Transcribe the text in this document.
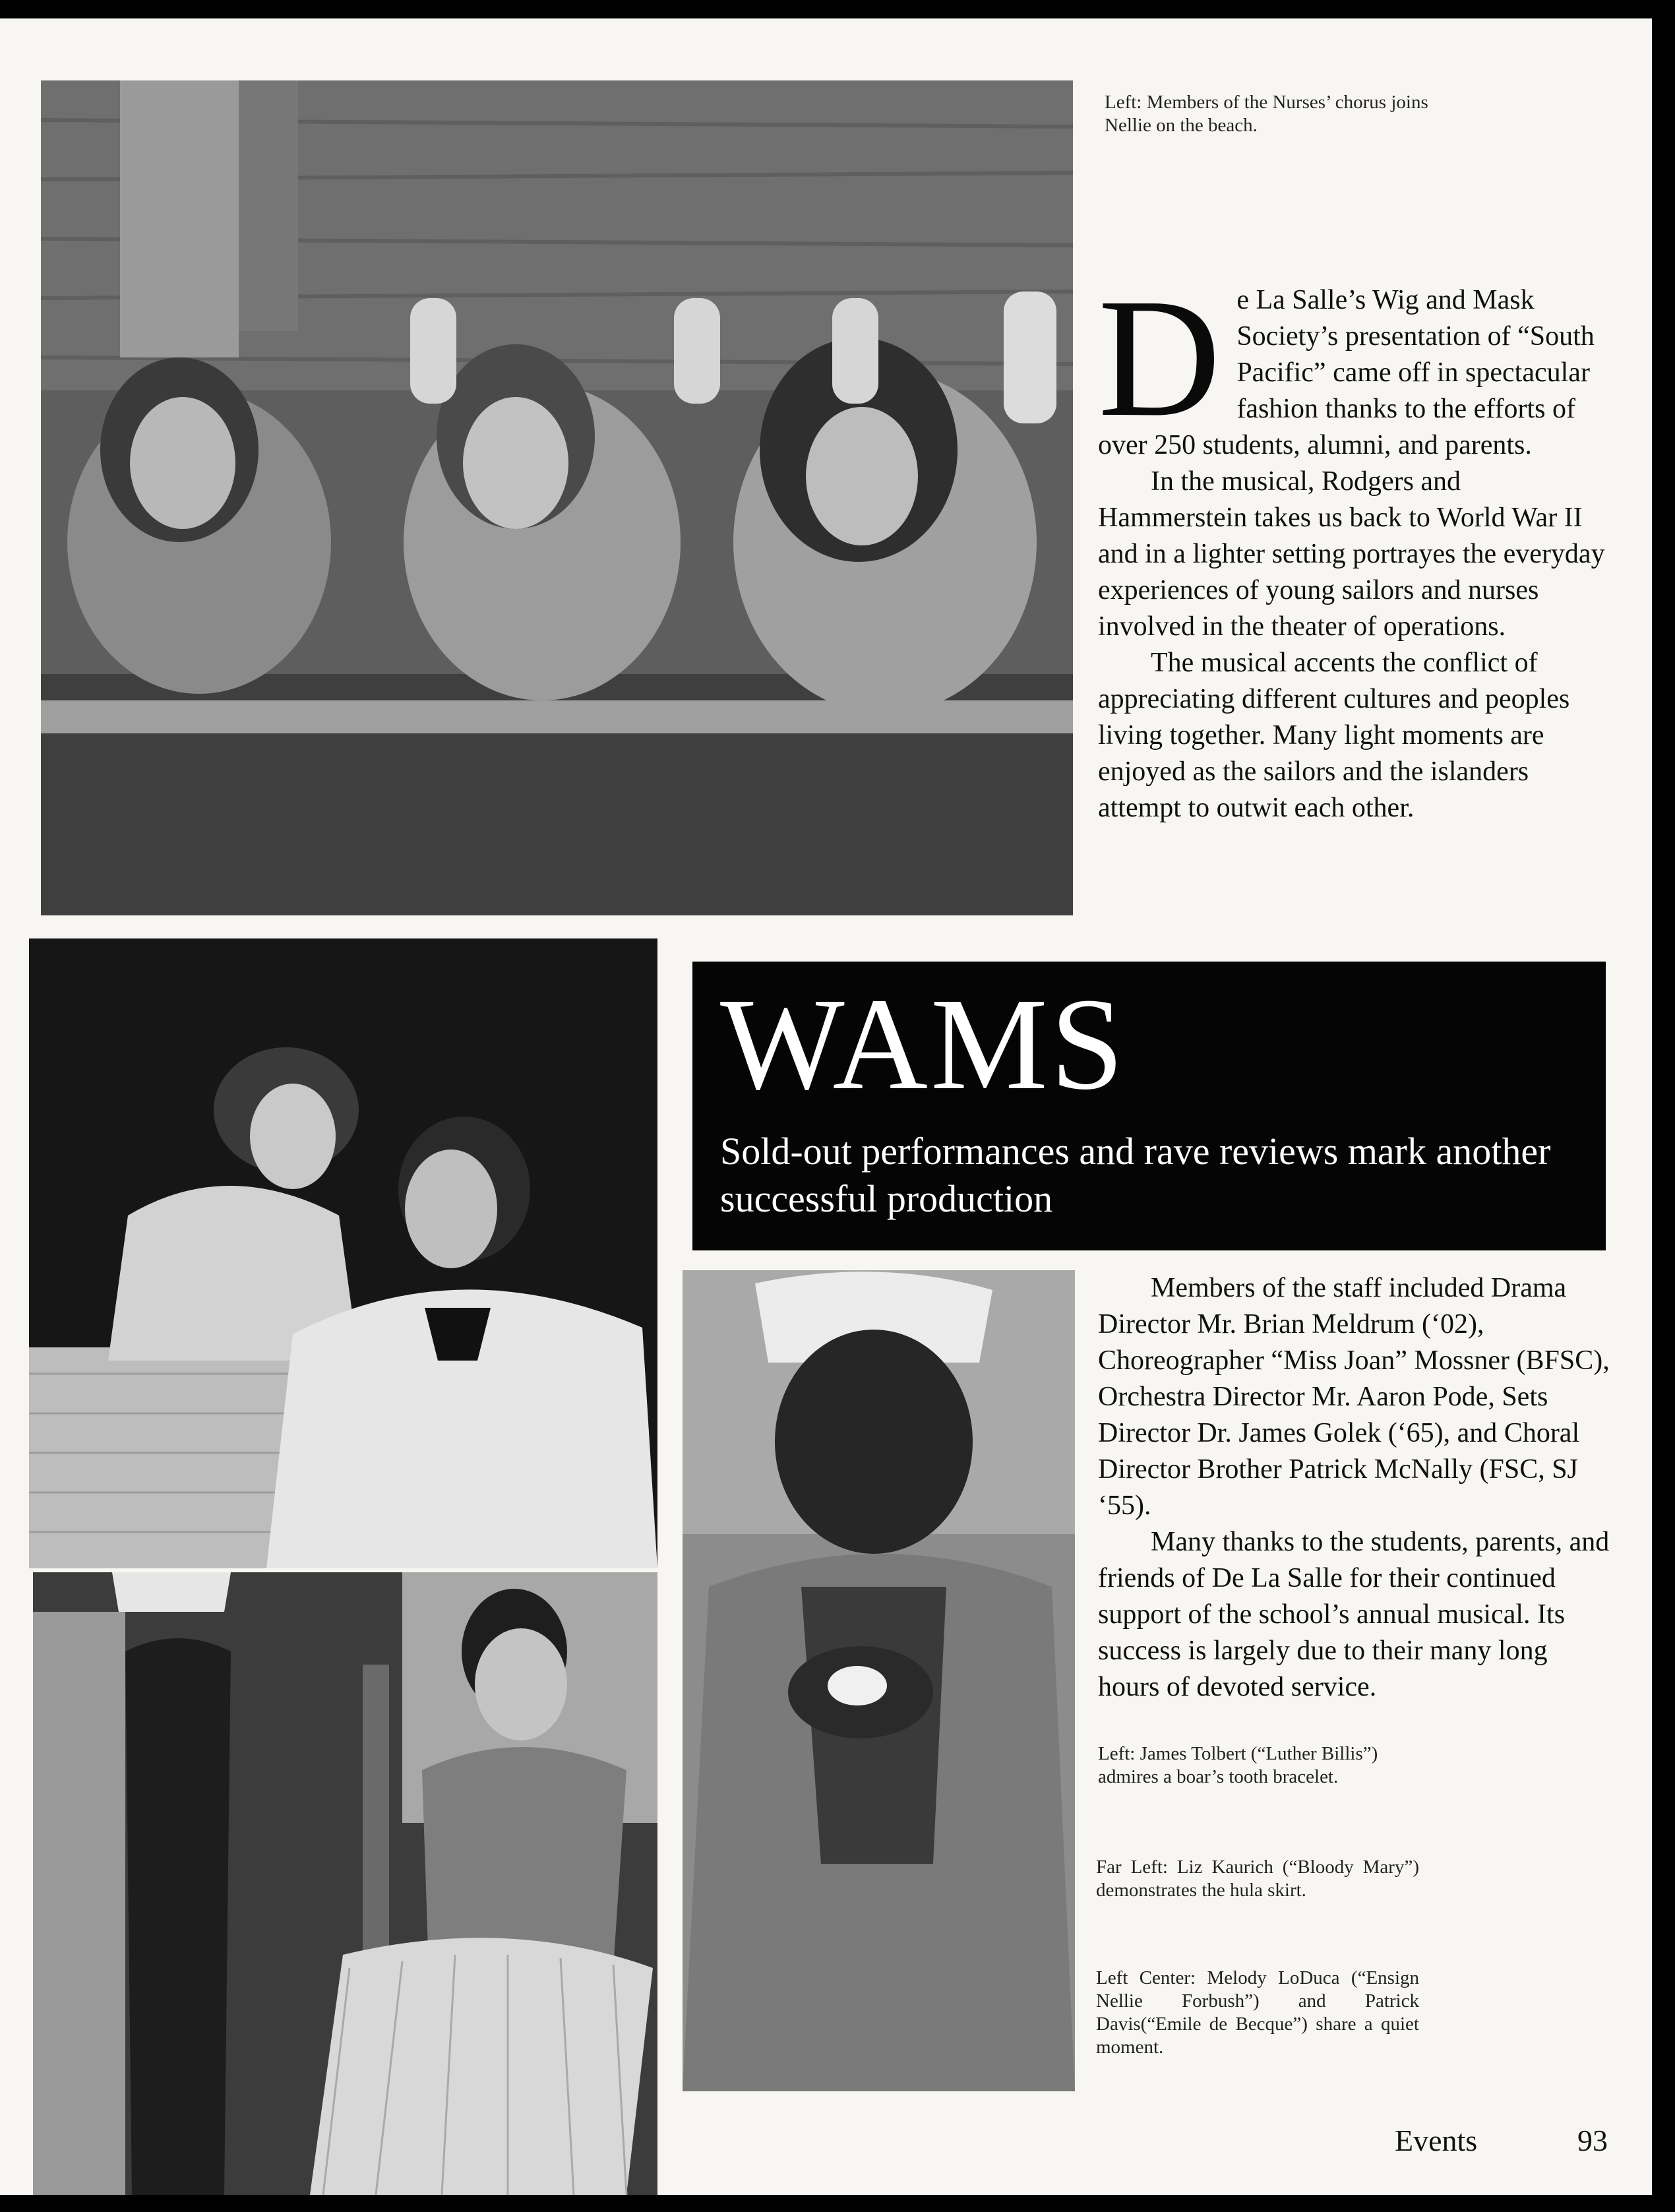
Left: Members of the Nurses’ chorus joins Nellie on the beach.

De La Salle’s Wig and Mask Society’s presentation of “South Pacific” came off in spectacular fashion thanks to the efforts of over 250 students, alumni, and parents.

In the musical, Rodgers and Hammerstein takes us back to World War II and in a lighter setting portrayes the everyday experiences of young sailors and nurses involved in the theater of operations.

The musical accents the conflict of appreciating different cultures and peoples living together. Many light moments are enjoyed as the sailors and the islanders attempt to outwit each other.

WAMS
Sold-out performances and rave reviews mark another successful production

Members of the staff included Drama Director Mr. Brian Meldrum (‘02), Choreographer “Miss Joan” Mossner (BFSC), Orchestra Director Mr. Aaron Pode, Sets Director Dr. James Golek (‘65), and Choral Director Brother Patrick McNally (FSC, SJ ‘55).

Many thanks to the students, parents, and friends of De La Salle for their continued support of the school’s annual musical. Its success is largely due to their many long hours of devoted service.

Left: James Tolbert (“Luther Billis”) admires a boar’s tooth bracelet.
Far Left: Liz Kaurich (“Bloody Mary”) demonstrates the hula skirt.
Left Center: Melody LoDuca (“Ensign Nellie Forbush”) and Patrick Davis(“Emile de Becque”) share a quiet moment.
Events	93
